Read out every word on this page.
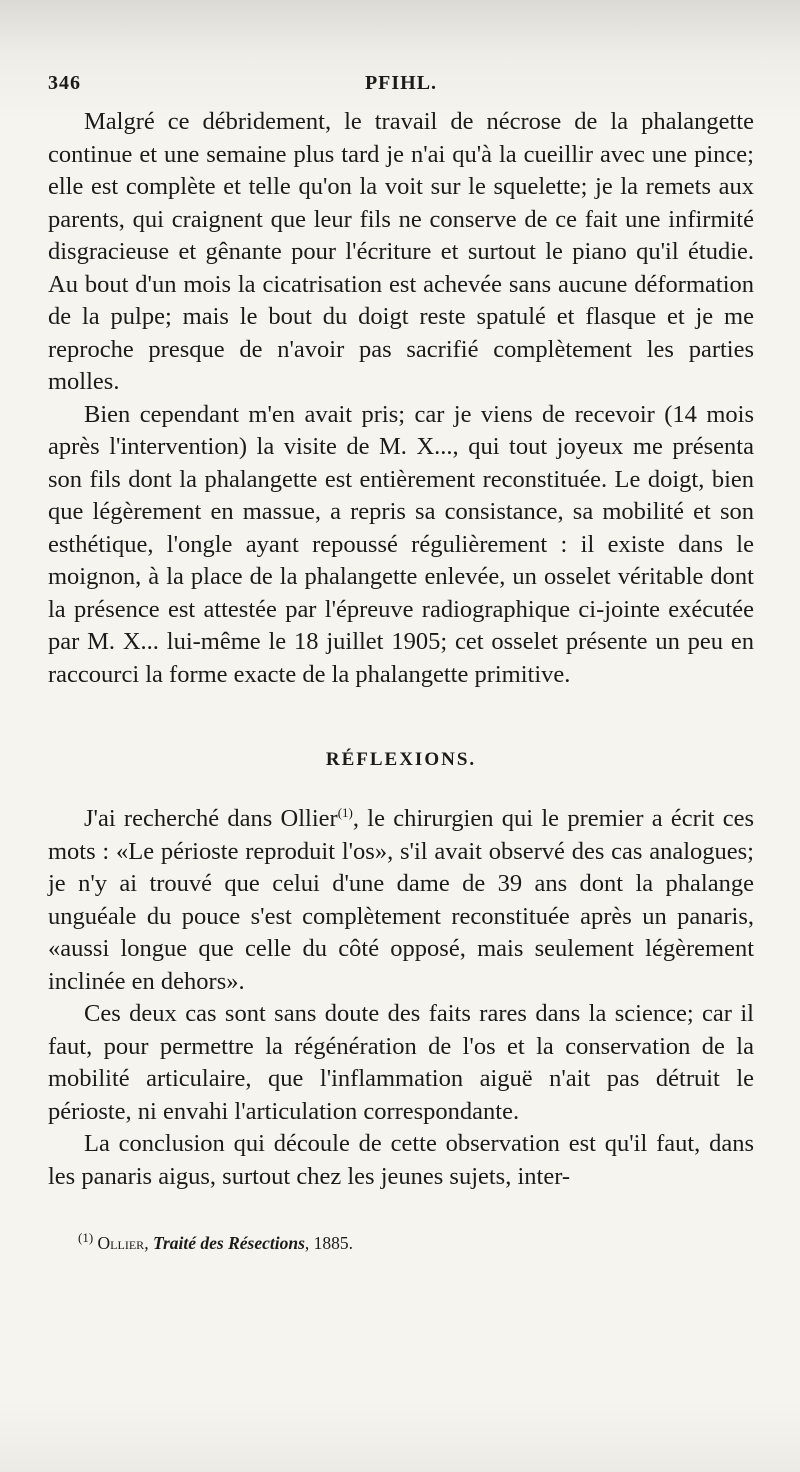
346	PFIHL.

Malgré ce débridement, le travail de nécrose de la phalangette continue et une semaine plus tard je n'ai qu'à la cueillir avec une pince; elle est complète et telle qu'on la voit sur le squelette; je la remets aux parents, qui craignent que leur fils ne conserve de ce fait une infirmité disgracieuse et gênante pour l'écriture et surtout le piano qu'il étudie. Au bout d'un mois la cicatrisation est achevée sans aucune déformation de la pulpe; mais le bout du doigt reste spatulé et flasque et je me reproche presque de n'avoir pas sacrifié complètement les parties molles.

Bien cependant m'en avait pris; car je viens de recevoir (14 mois après l'intervention) la visite de M. X..., qui tout joyeux me présenta son fils dont la phalangette est entièrement reconstituée. Le doigt, bien que légèrement en massue, a repris sa consistance, sa mobilité et son esthétique, l'ongle ayant repoussé régulièrement : il existe dans le moignon, à la place de la phalangette enlevée, un osselet véritable dont la présence est attestée par l'épreuve radiographique ci-jointe exécutée par M. X... lui-même le 18 juillet 1905; cet osselet présente un peu en raccourci la forme exacte de la phalangette primitive.

RÉFLEXIONS.

J'ai recherché dans Ollier$^{(1)}$, le chirurgien qui le premier a écrit ces mots : «Le périoste reproduit l'os», s'il avait observé des cas analogues; je n'y ai trouvé que celui d'une dame de 39 ans dont la phalange unguéale du pouce s'est complètement reconstituée après un panaris, «aussi longue que celle du côté opposé, mais seulement légèrement inclinée en dehors».

Ces deux cas sont sans doute des faits rares dans la science; car il faut, pour permettre la régénération de l'os et la conservation de la mobilité articulaire, que l'inflammation aiguë n'ait pas détruit le périoste, ni envahi l'articulation correspondante.

La conclusion qui découle de cette observation est qu'il faut, dans les panaris aigus, surtout chez les jeunes sujets, inter-

$^{(1)}$ Ollier, Traité des Résections, 1885.
